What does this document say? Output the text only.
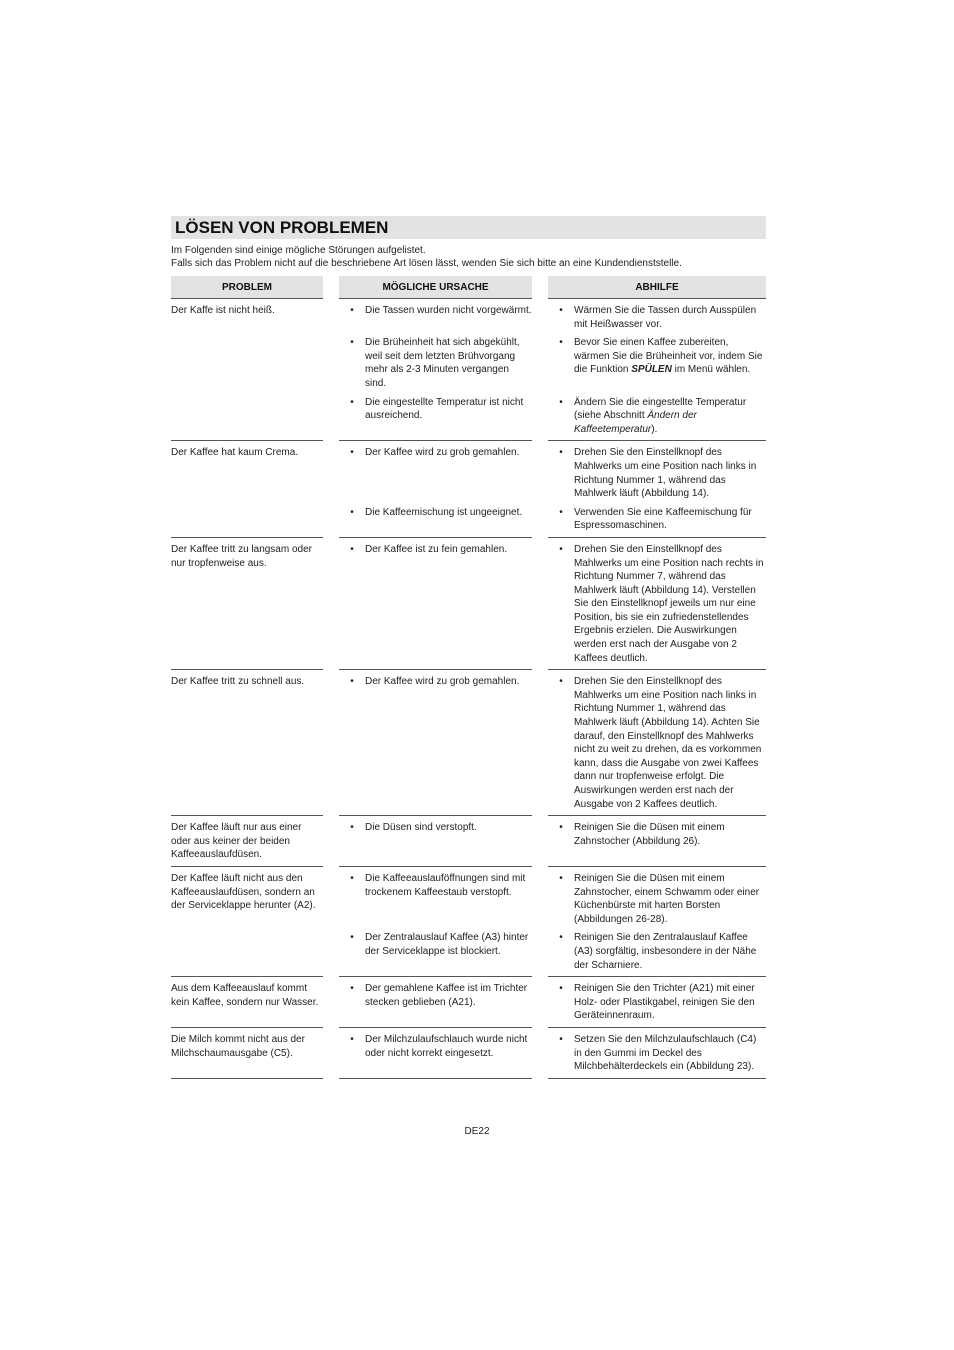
LÖSEN VON PROBLEMEN

Im Folgenden sind einige mögliche Störungen aufgelistet.

Falls sich das Problem nicht auf die beschriebene Art lösen lässt, wenden Sie sich bitte an eine Kundendienststelle.

PROBLEM		MÖGLICHE URSACHE		ABHILFE
Der Kaffe ist nicht heiß.		• Die Tassen wurden nicht vorgewärmt.		• Wärmen Sie die Tassen durch Ausspülen mit Heißwasser vor.

		• Die Brüheinheit hat sich abgekühlt, weil seit dem letzten Brühvorgang mehr als 2-3 Minuten vergangen sind.		• Bevor Sie einen Kaffee zubereiten, wärmen Sie die Brüheinheit vor, indem Sie die Funktion SPÜLEN im Menü wählen.

		• Die eingestellte Temperatur ist nicht ausreichend.		• Ändern Sie die eingestellte Temperatur (siehe Abschnitt Ändern der Kaffeetemperatur).

Der Kaffee hat kaum Crema.		• Der Kaffee wird zu grob gemahlen.		• Drehen Sie den Einstellknopf des Mahlwerks um eine Position nach links in Richtung Nummer 1, während das Mahlwerk läuft (Abbildung 14).

		• Die Kaffeemischung ist ungeeignet.		• Verwenden Sie eine Kaffeemischung für Espressomaschinen.

Der Kaffee tritt zu langsam oder nur tropfenweise aus.		• Der Kaffee ist zu fein gemahlen.		• Drehen Sie den Einstellknopf des Mahlwerks um eine Position nach rechts in Richtung Nummer 7, während das Mahlwerk läuft (Abbildung 14). Verstellen Sie den Einstellknopf jeweils um nur eine Position, bis sie ein zufriedenstellendes Ergebnis erzielen. Die Auswirkungen werden erst nach der Ausgabe von 2 Kaffees deutlich.

Der Kaffee tritt zu schnell aus.		• Der Kaffee wird zu grob gemahlen.		• Drehen Sie den Einstellknopf des Mahlwerks um eine Position nach links in Richtung Nummer 1, während das Mahlwerk läuft (Abbildung 14). Achten Sie darauf, den Einstellknopf des Mahlwerks nicht zu weit zu drehen, da es vorkommen kann, dass die Ausgabe von zwei Kaffees dann nur tropfenweise erfolgt. Die Auswirkungen werden erst nach der Ausgabe von 2 Kaffees deutlich.

Der Kaffee läuft nur aus einer oder aus keiner der beiden Kaffeeauslaufdüsen.		• Die Düsen sind verstopft.		• Reinigen Sie die Düsen mit einem Zahnstocher (Abbildung 26).

Der Kaffee läuft nicht aus den Kaffeeauslaufdüsen, sondern an der Serviceklappe herunter (A2).		• Die Kaffeeauslauföffnungen sind mit trockenem Kaffeestaub verstopft.		• Reinigen Sie die Düsen mit einem Zahnstocher, einem Schwamm oder einer Küchenbürste mit harten Borsten (Abbildungen 26-28).

		• Der Zentralauslauf Kaffee (A3) hinter der Serviceklappe ist blockiert.		• Reinigen Sie den Zentralauslauf Kaffee (A3) sorgfältig, insbesondere in der Nähe der Scharniere.

Aus dem Kaffeeauslauf kommt kein Kaffee, sondern nur Wasser.		• Der gemahlene Kaffee ist im Trichter stecken geblieben (A21).		• Reinigen Sie den Trichter (A21) mit einer Holz- oder Plastikgabel, reinigen Sie den Geräteinnenraum.

Die Milch kommt nicht aus der Milchschaumausgabe (C5).		• Der Milchzulaufschlauch wurde nicht oder nicht korrekt eingesetzt.		• Setzen Sie den Milchzulaufschlauch (C4) in den Gummi im Deckel des Milchbehälterdeckels ein (Abbildung 23).
DE22
